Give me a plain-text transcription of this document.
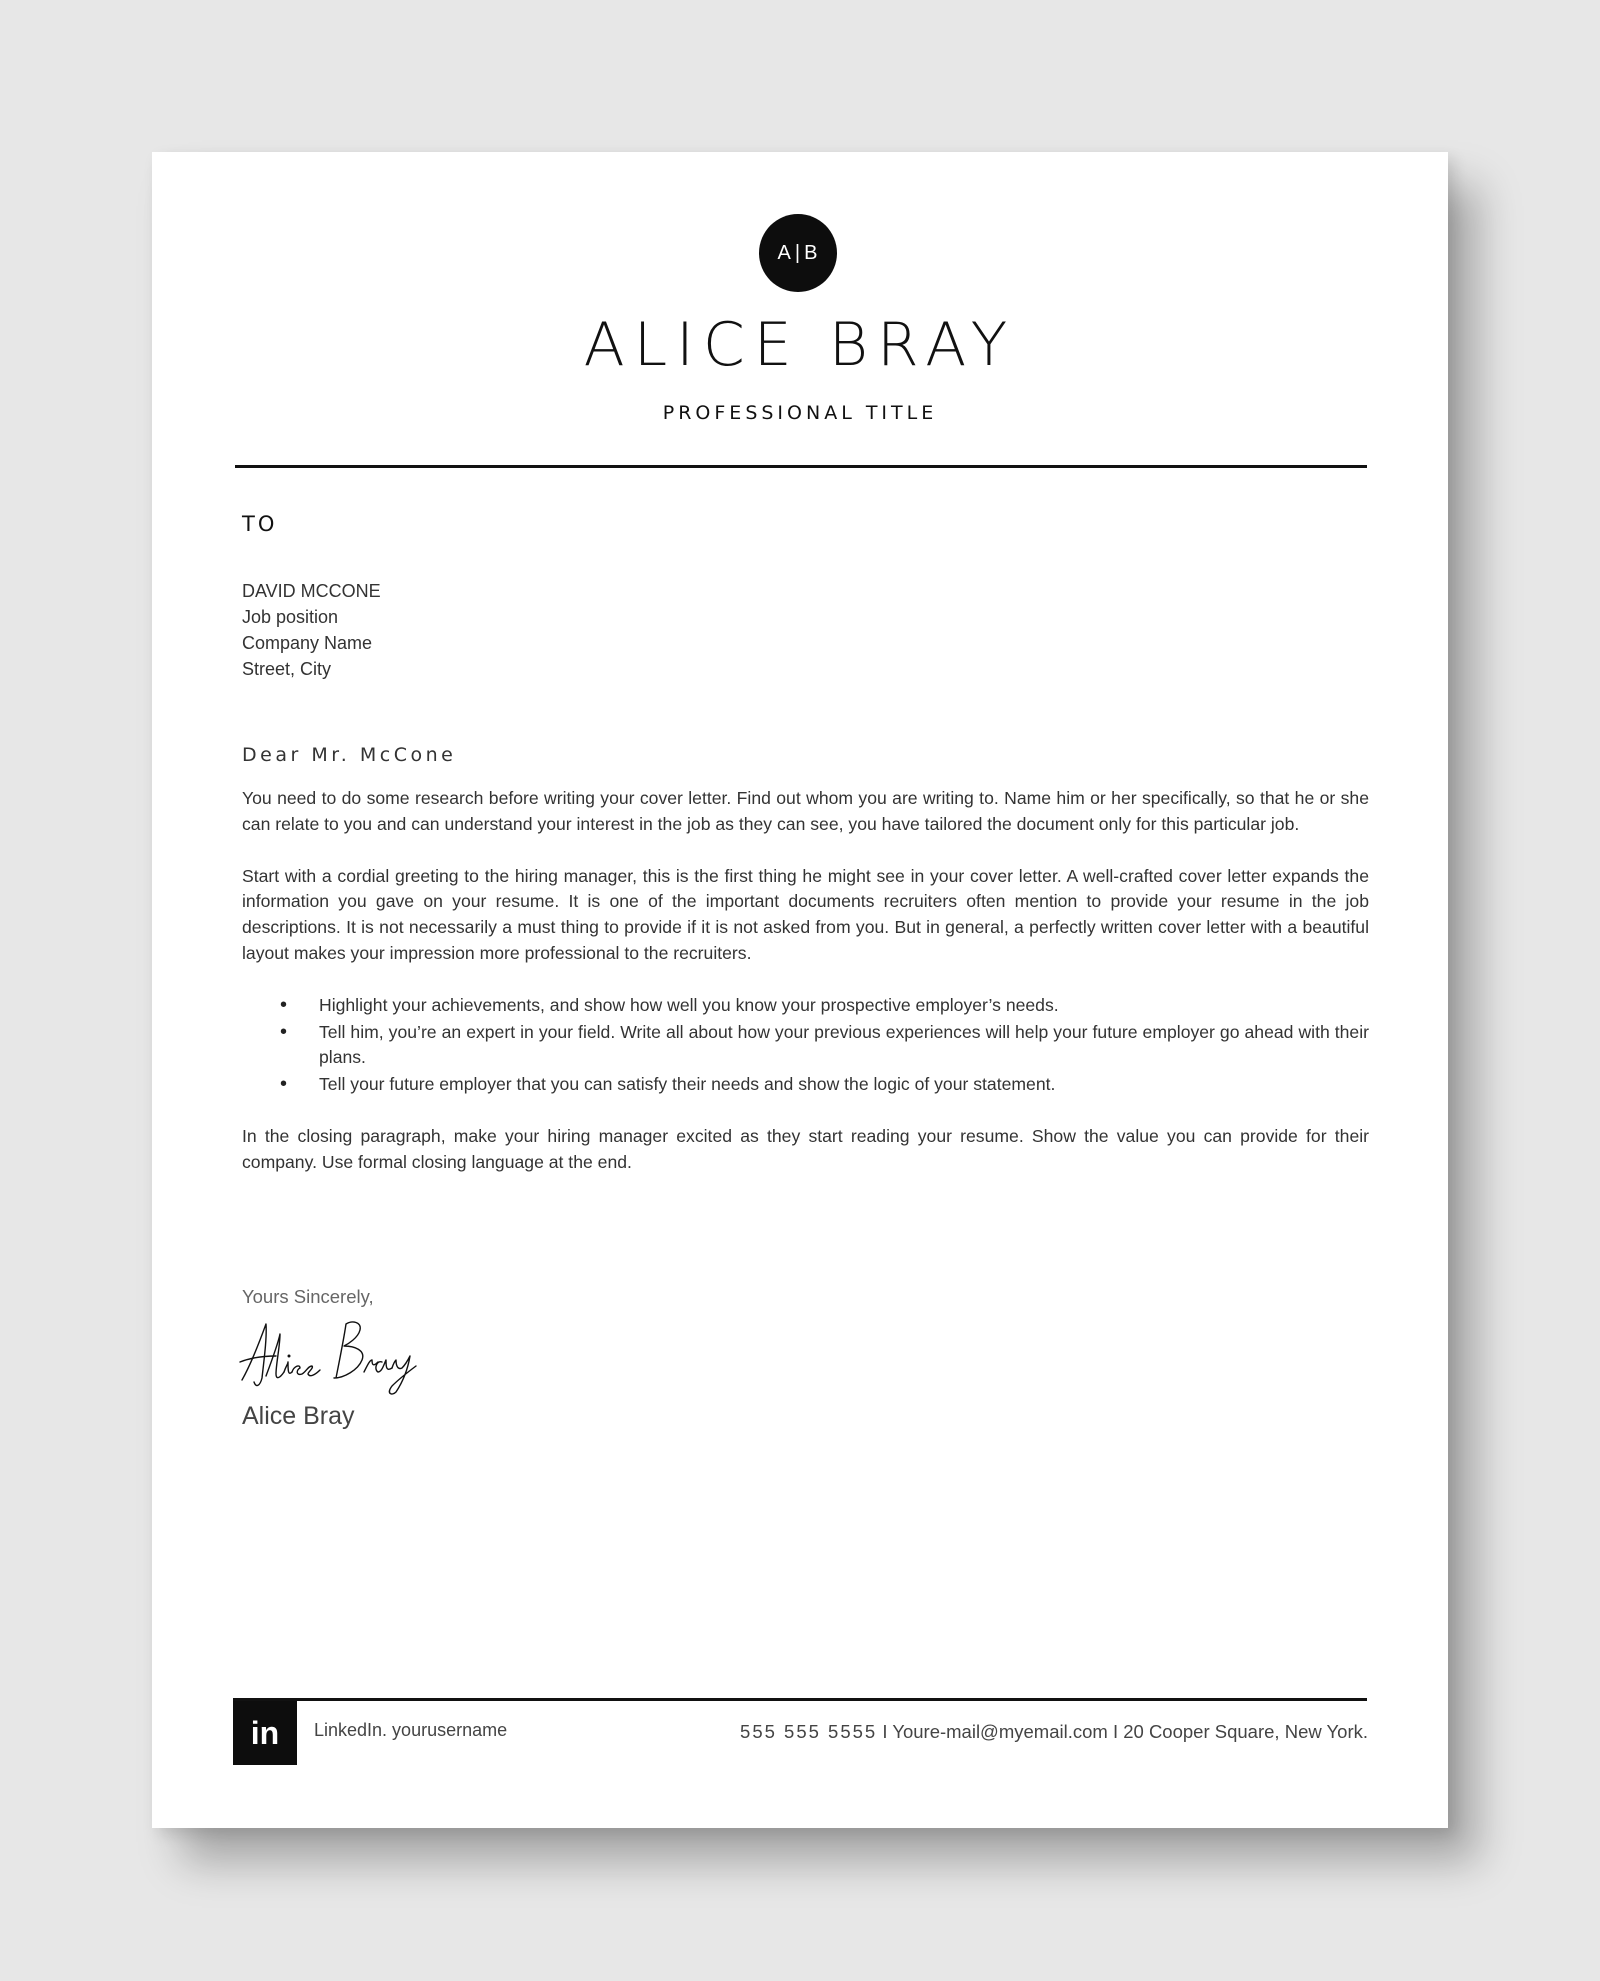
A | B
ALICE BRAY
PROFESSIONAL TITLE
TO
DAVID MCCONE
Job position
Company Name
Street, City
Dear Mr. McCone

You need to do some research before writing your cover letter. Find out whom you are writing to. Name him or her specifically, so that he or she can relate to you and can understand your interest in the job as they can see, you have tailored the document only for this particular job.

Start with a cordial greeting to the hiring manager, this is the first thing he might see in your cover letter. A well-crafted cover letter expands the information you gave on your resume. It is one of the important documents recruiters often mention to provide your resume in the job descriptions. It is not necessarily a must thing to provide if it is not asked from you. But in general, a perfectly written cover letter with a beautiful layout makes your impression more professional to the recruiters.

• Highlight your achievements, and show how well you know your prospective employer’s needs.
• Tell him, you’re an expert in your field. Write all about how your previous experiences will help your future employer go ahead with their plans.
• Tell your future employer that you can satisfy their needs and show the logic of your statement.

In the closing paragraph, make your hiring manager excited as they start reading your resume. Show the value you can provide for their company. Use formal closing language at the end.

Yours Sincerely,
Alice Bray
in	LinkedIn. yourusername	555 555 5555 I Youre-mail@myemail.com I 20 Cooper Square, New York.
